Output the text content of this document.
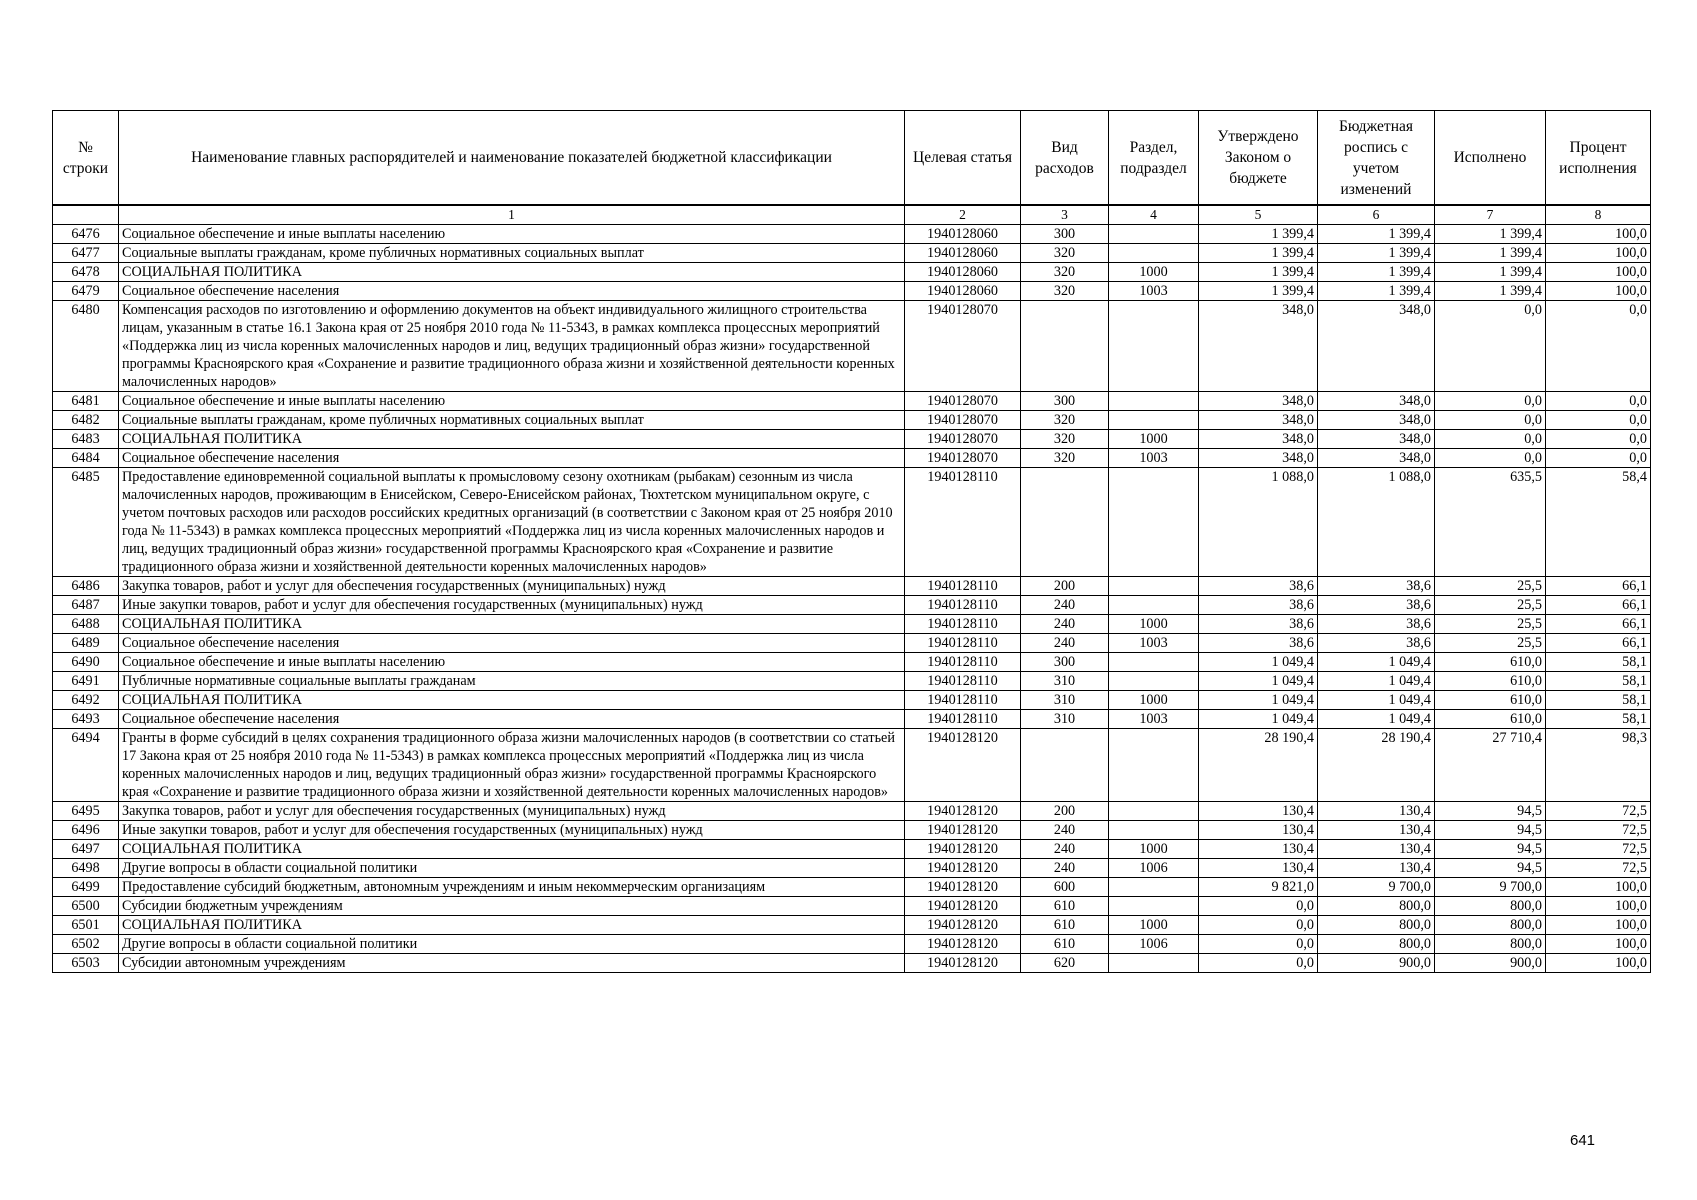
№ строки	Наименование главных распорядителей и наименование показателей бюджетной классификации	Целевая статья	Вид расходов	Раздел, подраздел	Утверждено Законом о бюджете	Бюджетная роспись с учетом изменений	Исполнено	Процент исполнения
	1	2	3	4	5	6	7	8
6476	Социальное обеспечение и иные выплаты населению	1940128060	300		1 399,4	1 399,4	1 399,4	100,0
6477	Социальные выплаты гражданам, кроме публичных нормативных социальных выплат	1940128060	320		1 399,4	1 399,4	1 399,4	100,0
6478	СОЦИАЛЬНАЯ ПОЛИТИКА	1940128060	320	1000	1 399,4	1 399,4	1 399,4	100,0
6479	Социальное обеспечение населения	1940128060	320	1003	1 399,4	1 399,4	1 399,4	100,0
6480	Компенсация расходов по изготовлению и оформлению документов на объект индивидуального жилищного строительства лицам, указанным в статье 16.1 Закона края от 25 ноября 2010 года № 11-5343, в рамках комплекса процессных мероприятий «Поддержка лиц из числа коренных малочисленных народов и лиц, ведущих традиционный образ жизни» государственной программы Красноярского края «Сохранение и развитие традиционного образа жизни и хозяйственной деятельности коренных малочисленных народов»	1940128070			348,0	348,0	0,0	0,0
6481	Социальное обеспечение и иные выплаты населению	1940128070	300		348,0	348,0	0,0	0,0
6482	Социальные выплаты гражданам, кроме публичных нормативных социальных выплат	1940128070	320		348,0	348,0	0,0	0,0
6483	СОЦИАЛЬНАЯ ПОЛИТИКА	1940128070	320	1000	348,0	348,0	0,0	0,0
6484	Социальное обеспечение населения	1940128070	320	1003	348,0	348,0	0,0	0,0
6485	Предоставление единовременной социальной выплаты к промысловому сезону охотникам (рыбакам) сезонным из числа малочисленных народов, проживающим в Енисейском, Северо-Енисейском районах, Тюхтетском муниципальном округе, с учетом почтовых расходов или расходов российских кредитных организаций (в соответствии с Законом края от 25 ноября 2010 года № 11-5343) в рамках комплекса процессных мероприятий «Поддержка лиц из числа коренных малочисленных народов и лиц, ведущих традиционный образ жизни» государственной программы Красноярского края «Сохранение и развитие традиционного образа жизни и хозяйственной деятельности коренных малочисленных народов»	1940128110			1 088,0	1 088,0	635,5	58,4
6486	Закупка товаров, работ и услуг для обеспечения государственных (муниципальных) нужд	1940128110	200		38,6	38,6	25,5	66,1
6487	Иные закупки товаров, работ и услуг для обеспечения государственных (муниципальных) нужд	1940128110	240		38,6	38,6	25,5	66,1
6488	СОЦИАЛЬНАЯ ПОЛИТИКА	1940128110	240	1000	38,6	38,6	25,5	66,1
6489	Социальное обеспечение населения	1940128110	240	1003	38,6	38,6	25,5	66,1
6490	Социальное обеспечение и иные выплаты населению	1940128110	300		1 049,4	1 049,4	610,0	58,1
6491	Публичные нормативные социальные выплаты гражданам	1940128110	310		1 049,4	1 049,4	610,0	58,1
6492	СОЦИАЛЬНАЯ ПОЛИТИКА	1940128110	310	1000	1 049,4	1 049,4	610,0	58,1
6493	Социальное обеспечение населения	1940128110	310	1003	1 049,4	1 049,4	610,0	58,1
6494	Гранты в форме субсидий в целях сохранения традиционного образа жизни малочисленных народов (в соответствии со статьей 17 Закона края от 25 ноября 2010 года № 11-5343) в рамках комплекса процессных мероприятий «Поддержка лиц из числа коренных малочисленных народов и лиц, ведущих традиционный образ жизни» государственной программы Красноярского края «Сохранение и развитие традиционного образа жизни и хозяйственной деятельности коренных малочисленных народов»	1940128120			28 190,4	28 190,4	27 710,4	98,3
6495	Закупка товаров, работ и услуг для обеспечения государственных (муниципальных) нужд	1940128120	200		130,4	130,4	94,5	72,5
6496	Иные закупки товаров, работ и услуг для обеспечения государственных (муниципальных) нужд	1940128120	240		130,4	130,4	94,5	72,5
6497	СОЦИАЛЬНАЯ ПОЛИТИКА	1940128120	240	1000	130,4	130,4	94,5	72,5
6498	Другие вопросы в области социальной политики	1940128120	240	1006	130,4	130,4	94,5	72,5
6499	Предоставление субсидий бюджетным, автономным учреждениям и иным некоммерческим организациям	1940128120	600		9 821,0	9 700,0	9 700,0	100,0
6500	Субсидии бюджетным учреждениям	1940128120	610		0,0	800,0	800,0	100,0
6501	СОЦИАЛЬНАЯ ПОЛИТИКА	1940128120	610	1000	0,0	800,0	800,0	100,0
6502	Другие вопросы в области социальной политики	1940128120	610	1006	0,0	800,0	800,0	100,0
6503	Субсидии автономным учреждениям	1940128120	620		0,0	900,0	900,0	100,0
641
